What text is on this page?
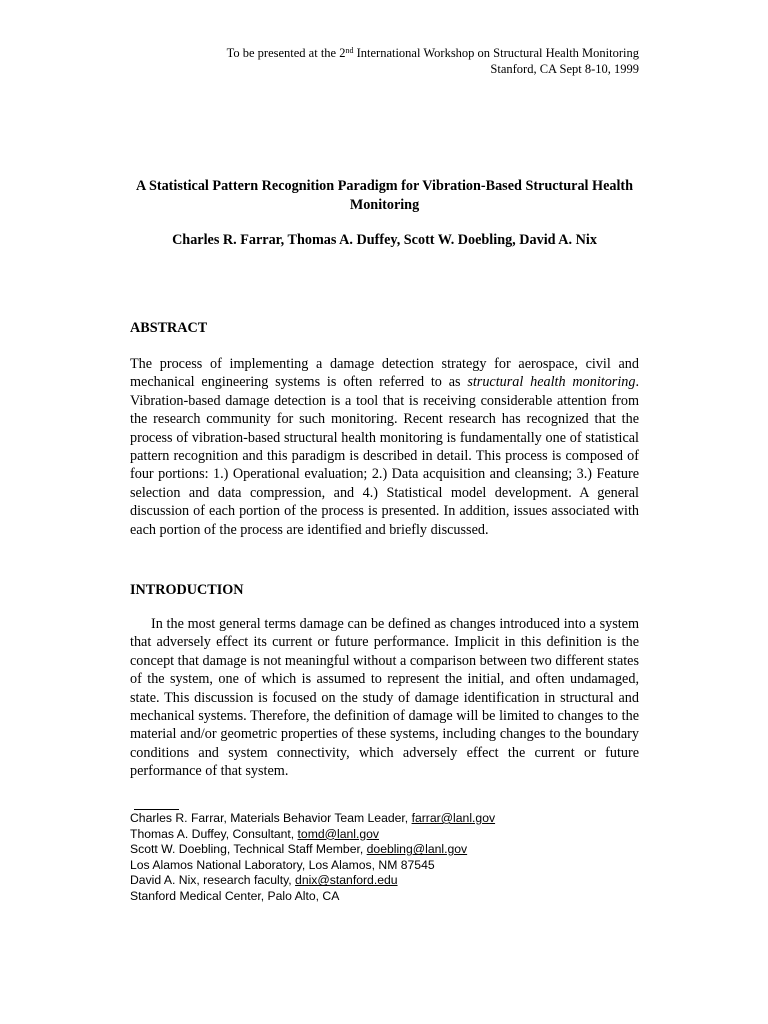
To be presented at the 2nd International Workshop on Structural Health Monitoring
Stanford, CA Sept 8-10, 1999
A Statistical Pattern Recognition Paradigm for Vibration-Based Structural Health Monitoring
Charles R. Farrar, Thomas A. Duffey, Scott W. Doebling, David A. Nix
ABSTRACT
The process of implementing a damage detection strategy for aerospace, civil and mechanical engineering systems is often referred to as structural health monitoring. Vibration-based damage detection is a tool that is receiving considerable attention from the research community for such monitoring. Recent research has recognized that the process of vibration-based structural health monitoring is fundamentally one of statistical pattern recognition and this paradigm is described in detail. This process is composed of four portions: 1.) Operational evaluation; 2.) Data acquisition and cleansing; 3.) Feature selection and data compression, and 4.) Statistical model development. A general discussion of each portion of the process is presented. In addition, issues associated with each portion of the process are identified and briefly discussed.
INTRODUCTION
In the most general terms damage can be defined as changes introduced into a system that adversely effect its current or future performance. Implicit in this definition is the concept that damage is not meaningful without a comparison between two different states of the system, one of which is assumed to represent the initial, and often undamaged, state. This discussion is focused on the study of damage identification in structural and mechanical systems. Therefore, the definition of damage will be limited to changes to the material and/or geometric properties of these systems, including changes to the boundary conditions and system connectivity, which adversely effect the current or future performance of that system.
Charles R. Farrar, Materials Behavior Team Leader, farrar@lanl.gov
Thomas A. Duffey, Consultant, tomd@lanl.gov
Scott W. Doebling, Technical Staff Member, doebling@lanl.gov
Los Alamos National Laboratory, Los Alamos, NM 87545
David A. Nix, research faculty, dnix@stanford.edu
Stanford Medical Center, Palo Alto, CA
